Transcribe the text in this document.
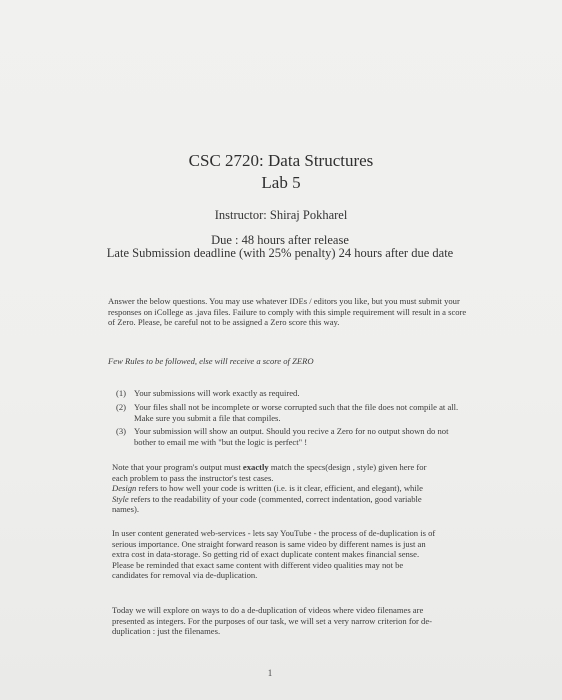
CSC 2720: Data Structures
Lab 5
Instructor: Shiraj Pokharel
Due : 48 hours after release
Late Submission deadline (with 25% penalty) 24 hours after due date
Answer the below questions. You may use whatever IDEs / editors you like, but you must submit your responses on iCollege as .java files. Failure to comply with this simple requirement will result in a score of Zero. Please, be careful not to be assigned a Zero score this way.
Few Rules to be followed, else will receive a score of ZERO
(1) Your submissions will work exactly as required.
(2) Your files shall not be incomplete or worse corrupted such that the file does not compile at all. Make sure you submit a file that compiles.
(3) Your submission will show an output. Should you recive a Zero for no output shown do not bother to email me with "but the logic is perfect" !
Note that your program's output must exactly match the specs(design , style) given here for each problem to pass the instructor's test cases.
Design refers to how well your code is written (i.e. is it clear, efficient, and elegant), while Style refers to the readability of your code (commented, correct indentation, good variable names).
In user content generated web-services - lets say YouTube - the process of de-duplication is of serious importance. One straight forward reason is same video by different names is just an extra cost in data-storage. So getting rid of exact duplicate content makes financial sense. Please be reminded that exact same content with different video qualities may not be candidates for removal via de-duplication.
Today we will explore on ways to do a de-duplication of videos where video filenames are presented as integers. For the purposes of our task, we will set a very narrow criterion for de-duplication : just the filenames.
1
